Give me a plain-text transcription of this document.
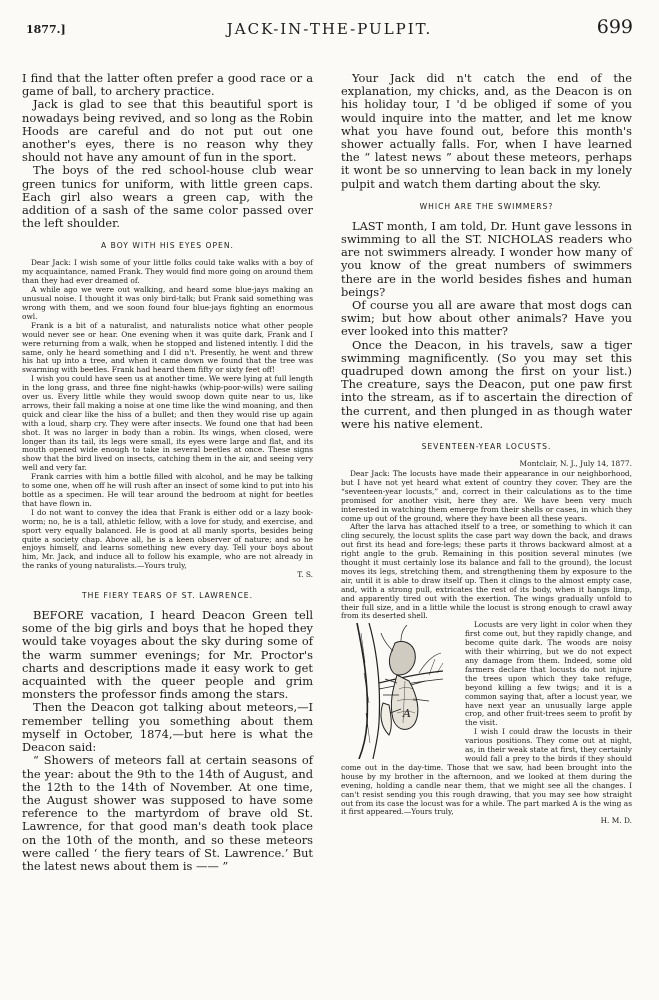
1877.]	JACK-IN-THE-PULPIT.	699

I find that the latter often prefer a good race or a game of ball, to archery practice.

Jack is glad to see that this beautiful sport is nowadays being revived, and so long as the Robin Hoods are careful and do not put out one another's eyes, there is no reason why they should not have any amount of fun in the sport.

The boys of the red school-house club wear green tunics for uniform, with little green caps. Each girl also wears a green cap, with the addition of a sash of the same color passed over the left shoulder.

A BOY WITH HIS EYES OPEN.

Dear Jack: I wish some of your little folks could take walks with a boy of my acquaintance, named Frank. They would find more going on around them than they had ever dreamed of.

A while ago we were out walking, and heard some blue-jays making an unusual noise. I thought it was only bird-talk; but Frank said something was wrong with them, and we soon found four blue-jays fighting an enormous owl.

Frank is a bit of a naturalist, and naturalists notice what other people would never see or hear. One evening when it was quite dark, Frank and I were returning from a walk, when he stopped and listened intently. I did the same, only he heard something and I did n't. Presently, he went and threw his hat up into a tree, and when it came down we found that the tree was swarming with beetles. Frank had heard them fifty or sixty feet off!

I wish you could have seen us at another time. We were lying at full length in the long grass, and three fine night-hawks (whip-poor-wills) were sailing over us. Every little while they would swoop down quite near to us, like arrows, their fall making a noise at one time like the wind moaning, and then quick and clear like the hiss of a bullet; and then they would rise up again with a loud, sharp cry. They were after insects. We found one that had been shot. It was no larger in body than a robin. Its wings, when closed, were longer than its tail, its legs were small, its eyes were large and flat, and its mouth opened wide enough to take in several beetles at once. These signs show that the bird lived on insects, catching them in the air, and seeing very well and very far.

Frank carries with him a bottle filled with alcohol, and he may be talking to some one, when off he will rush after an insect of some kind to put into his bottle as a specimen. He will tear around the bedroom at night for beetles that have flown in.

I do not want to convey the idea that Frank is either odd or a lazy book-worm; no, he is a tall, athletic fellow, with a love for study, and exercise, and sport very equally balanced. He is good at all manly sports, besides being quite a society chap. Above all, he is a keen observer of nature; and so he enjoys himself, and learns something new every day. Tell your boys about him, Mr. Jack, and induce all to follow his example, who are not already in the ranks of young naturalists.—Yours truly,

T. S.

THE FIERY TEARS OF ST. LAWRENCE.

BEFORE vacation, I heard Deacon Green tell some of the big girls and boys that he hoped they would take voyages about the sky during some of the warm summer evenings; for Mr. Proctor's charts and descriptions made it easy work to get acquainted with the queer people and grim monsters the professor finds among the stars.

Then the Deacon got talking about meteors,—I remember telling you something about them myself in October, 1874,—but here is what the Deacon said:

“ Showers of meteors fall at certain seasons of the year: about the 9th to the 14th of August, and the 12th to the 14th of November. At one time, the August shower was supposed to have some reference to the martyrdom of brave old St. Lawrence, for that good man's death took place on the 10th of the month, and so these meteors were called ‘ the fiery tears of St. Lawrence.’ But the latest news about them is —— ”

Your Jack did n't catch the end of the explanation, my chicks, and, as the Deacon is on his holiday tour, I 'd be obliged if some of you would inquire into the matter, and let me know what you have found out, before this month's shower actually falls. For, when I have learned the “ latest news ” about these meteors, perhaps it wont be so unnerving to lean back in my lonely pulpit and watch them darting about the sky.

WHICH ARE THE SWIMMERS?

LAST month, I am told, Dr. Hunt gave lessons in swimming to all the ST. NICHOLAS readers who are not swimmers already. I wonder how many of you know of the great numbers of swimmers there are in the world besides fishes and human beings?

Of course you all are aware that most dogs can swim; but how about other animals? Have you ever looked into this matter?

Once the Deacon, in his travels, saw a tiger swimming magnificently. (So you may set this quadruped down among the first on your list.) The creature, says the Deacon, put one paw first into the stream, as if to ascertain the direction of the current, and then plunged in as though water were his native element.

SEVENTEEN-YEAR LOCUSTS.

Montclair, N. J., July 14, 1877.

Dear Jack: The locusts have made their appearance in our neighborhood, but I have not yet heard what extent of country they cover. They are the “seventeen-year locusts,” and, correct in their calculations as to the time promised for another visit, here they are. We have been very much interested in watching them emerge from their shells or cases, in which they come up out of the ground, where they have been all these years.

After the larva has attached itself to a tree, or something to which it can cling securely, the locust splits the case part way down the back, and draws out first its head and fore-legs; these parts it throws backward almost at a right angle to the grub. Remaining in this position several minutes (we thought it must certainly lose its balance and fall to the ground), the locust moves its legs, stretching them, and strengthening them by exposure to the air, until it is able to draw itself up. Then it clings to the almost empty case, and, with a strong pull, extricates the rest of its body, when it hangs limp, and apparently tired out with the exertion. The wings gradually unfold to their full size, and in a little while the locust is strong enough to crawl away from its deserted shell.

A

Locusts are very light in color when they first come out, but they rapidly change, and become quite dark. The woods are noisy with their whirring, but we do not expect any damage from them. Indeed, some old farmers declare that locusts do not injure the trees upon which they take refuge, beyond killing a few twigs; and it is a common saying that, after a locust year, we have next year an unusually large apple crop, and other fruit-trees seem to profit by the visit.

I wish I could draw the locusts in their various positions. They come out at night, as, in their weak state at first, they certainly would fall a prey to the birds if they should come out in the day-time. Those that we saw, had been brought into the house by my brother in the afternoon, and we looked at them during the evening, holding a candle near them, that we might see all the changes. I can't resist sending you this rough drawing, that you may see how straight out from its case the locust was for a while. The part marked A is the wing as it first appeared.—Yours truly,

H. M. D.
